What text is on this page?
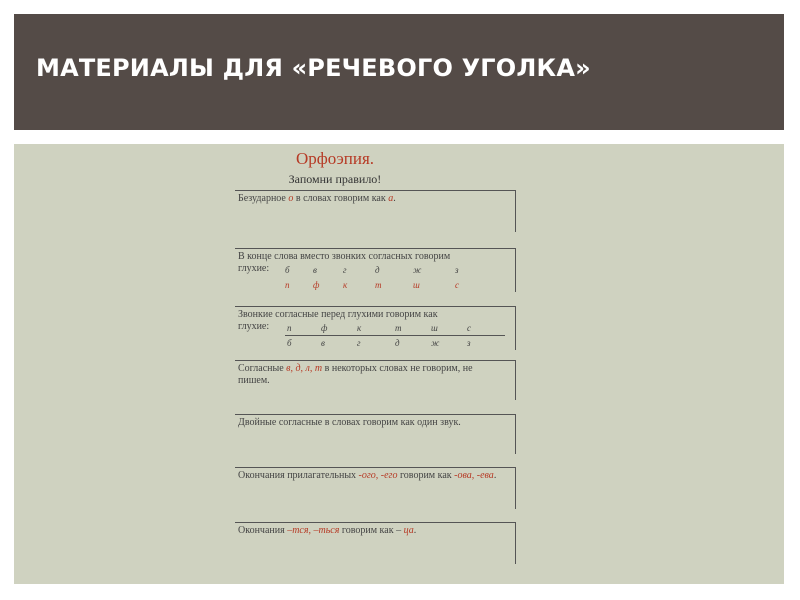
МАТЕРИАЛЫ ДЛЯ «РЕЧЕВОГО УГОЛКА»
Орфоэпия.
Запомни правило!
Безударное о в словах говорим как а.
В конце слова вместо звонких согласных говорим
глухие:	б	в	г	д	ж	з
п	ф	к	т	ш	с
Звонкие согласные перед глухими говорим как
глухие:	п	ф	к	т	ш	с
б	в	г	д	ж	з
Согласные в, д, л, т в некоторых словах не говорим, не пишем.
Двойные согласные в словах говорим как один звук.
Окончания прилагательных -ого, -его говорим как -ова, -ева.
Окончания –тся, –ться говорим как – ца.
